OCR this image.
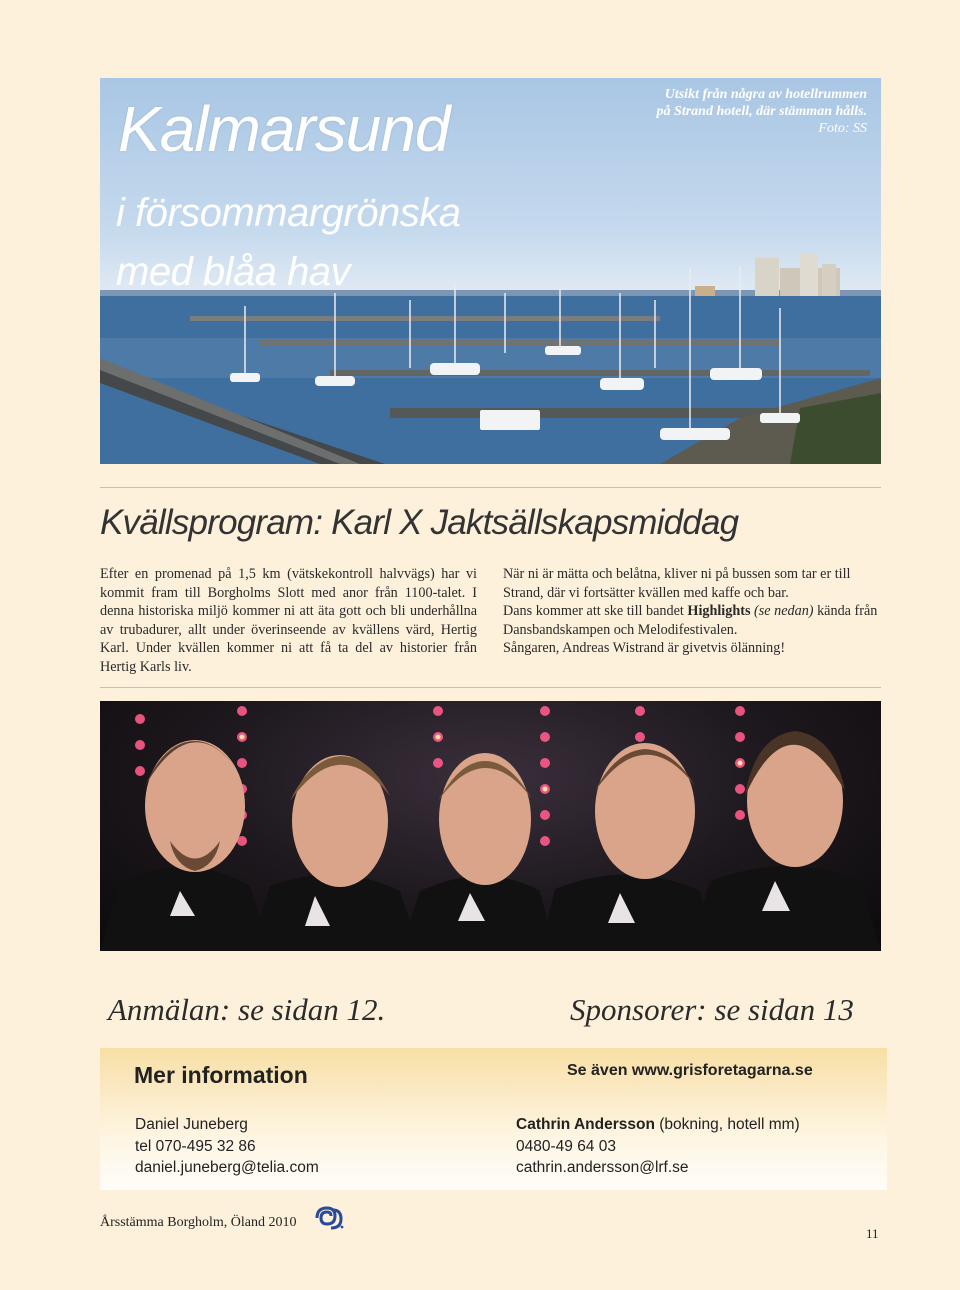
Kalmarsund
i försommargrönska
med blåa hav
Utsikt från några av hotellrummen
på Strand hotell, där stämman hålls.
Foto: SS
Kvällsprogram: Karl X Jaktsällskapsmiddag

Efter en promenad på 1,5 km (vätskekontroll halvvägs) har vi kommit fram till Borgholms Slott med anor från 1100-talet. I denna historiska miljö kommer ni att äta gott och bli underhållna av trubadurer, allt under överinseende av kvällens värd, Hertig Karl. Under kvällen kommer ni att få ta del av historier från Hertig Karls liv.

När ni är mätta och belåtna, kliver ni på bussen som tar er till Strand, där vi fortsätter kvällen med kaffe och bar.

Dans kommer att ske till bandet Highlights (se nedan) kända från Dansbandskampen och Melodifestivalen.

Sångaren, Andreas Wistrand är givetvis ölänning!

Anmälan: se sidan 12.	Sponsorer: se sidan 13
Mer information	Se även www.grisforetagarna.se
Daniel Juneberg
tel 070-495 32 86
daniel.juneberg@telia.com
Cathrin Andersson (bokning, hotell mm)
0480-49 64 03
cathrin.andersson@lrf.se
Årsstämma Borgholm, Öland 2010
11
